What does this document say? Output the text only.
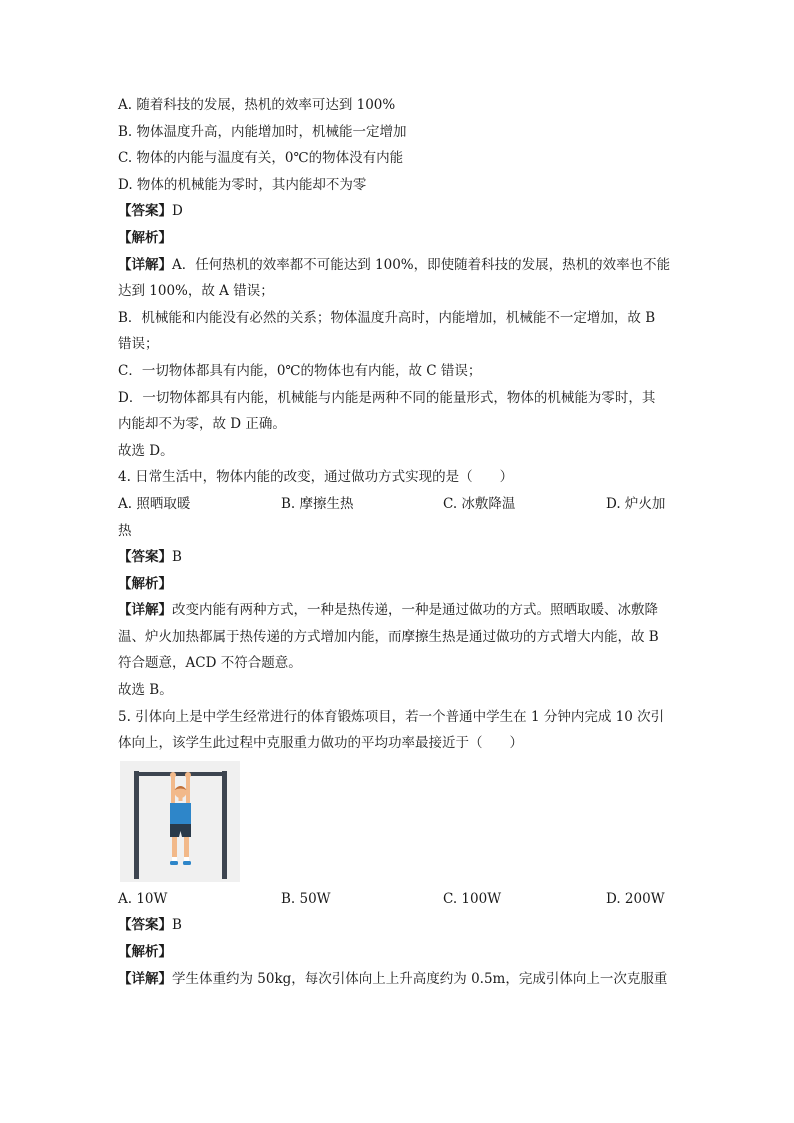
A. 随着科技的发展，热机的效率可达到 100%
B. 物体温度升高，内能增加时，机械能一定增加
C. 物体的内能与温度有关，0℃的物体没有内能
D. 物体的机械能为零时，其内能却不为零
【答案】D
【解析】
【详解】A．任何热机的效率都不可能达到 100%，即使随着科技的发展，热机的效率也不能
达到 100%，故 A 错误；
B．机械能和内能没有必然的关系；物体温度升高时，内能增加，机械能不一定增加，故 B
错误；
C．一切物体都具有内能，0℃的物体也有内能，故 C 错误；
D．一切物体都具有内能，机械能与内能是两种不同的能量形式，物体的机械能为零时，其
内能却不为零，故 D 正确。
故选 D。
4. 日常生活中，物体内能的改变，通过做功方式实现的是（　　）
A. 照晒取暖	B. 摩擦生热	C. 冰敷降温	D. 炉火加
热
【答案】B
【解析】
【详解】改变内能有两种方式，一种是热传递，一种是通过做功的方式。照晒取暖、冰敷降
温、炉火加热都属于热传递的方式增加内能，而摩擦生热是通过做功的方式增大内能，故 B
符合题意，ACD 不符合题意。
故选 B。
5. 引体向上是中学生经常进行的体育锻炼项目，若一个普通中学生在 1 分钟内完成 10 次引
体向上，该学生此过程中克服重力做功的平均功率最接近于（　　）
A. 10W	B. 50W	C. 100W	D. 200W
【答案】B
【解析】
【详解】学生体重约为 50kg，每次引体向上上升高度约为 0.5m，完成引体向上一次克服重
